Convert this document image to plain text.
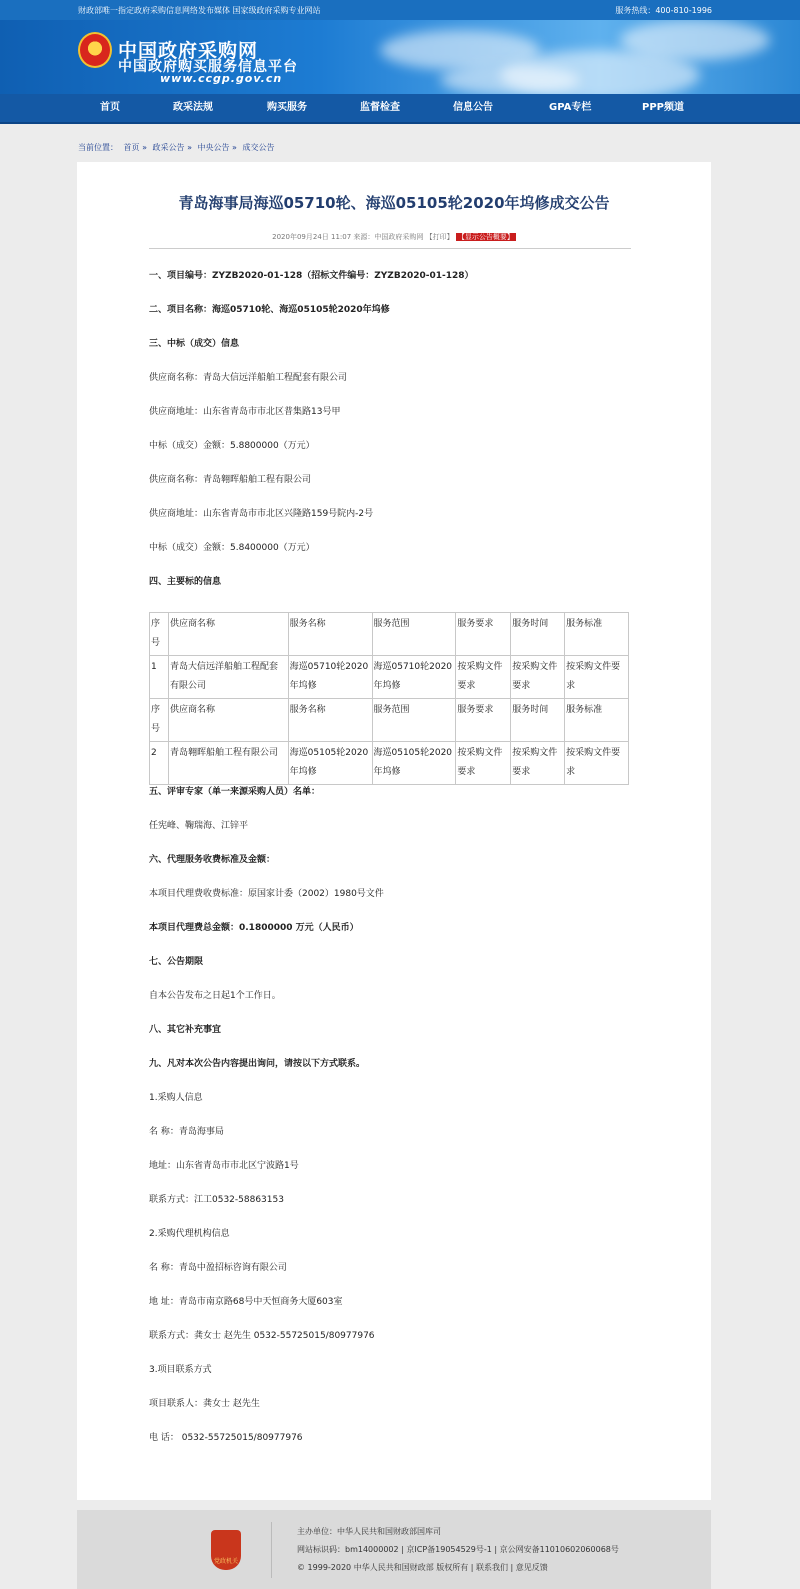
财政部唯一指定政府采购信息网络发布媒体 国家级政府采购专业网站	服务热线：400-810-1996
中国政府采购网
中国政府购买服务信息平台
www.ccgp.gov.cn
首页	政采法规	购买服务	监督检查	信息公告	GPA专栏	PPP频道
当前位置： 首页 » 政采公告 » 中央公告 » 成交公告
青岛海事局海巡05710轮、海巡05105轮2020年坞修成交公告
2020年09月24日 11:07 来源：中国政府采购网 【打印】 【显示公告概要】
一、项目编号：ZYZB2020-01-128（招标文件编号：ZYZB2020-01-128）
二、项目名称：海巡05710轮、海巡05105轮2020年坞修
三、中标（成交）信息
供应商名称：青岛大信远洋船舶工程配套有限公司
供应商地址：山东省青岛市市北区普集路13号甲
中标（成交）金额：5.8800000（万元）
供应商名称：青岛翱晖船舶工程有限公司
供应商地址：山东省青岛市市北区兴隆路159号院内-2号
中标（成交）金额：5.8400000（万元）
四、主要标的信息
序号	供应商名称	服务名称	服务范围	服务要求	服务时间	服务标准
1	青岛大信远洋船舶工程配套有限公司	海巡05710轮2020年坞修	海巡05710轮2020年坞修	按采购文件要求	按采购文件要求	按采购文件要求
序号	供应商名称	服务名称	服务范围	服务要求	服务时间	服务标准
2	青岛翱晖船舶工程有限公司	海巡05105轮2020年坞修	海巡05105轮2020年坞修	按采购文件要求	按采购文件要求	按采购文件要求
五、评审专家（单一来源采购人员）名单：
任宪峰、鞠瑞海、江锌平
六、代理服务收费标准及金额：
本项目代理费收费标准：原国家计委（2002）1980号文件
本项目代理费总金额：0.1800000 万元（人民币）
七、公告期限
自本公告发布之日起1个工作日。
八、其它补充事宜
九、凡对本次公告内容提出询问，请按以下方式联系。
1.采购人信息
名 称：青岛海事局
地址：山东省青岛市市北区宁波路1号
联系方式：江工0532-58863153
2.采购代理机构信息
名 称：青岛中盈招标咨询有限公司
地 址：青岛市南京路68号中天恒商务大厦603室
联系方式：龚女士 赵先生 0532-55725015/80977976
3.项目联系方式
项目联系人：龚女士 赵先生
电 话： 0532-55725015/80977976
党政机关
主办单位：中华人民共和国财政部国库司
网站标识码：bm14000002 | 京ICP备19054529号-1 | 京公网安备11010602060068号
© 1999-2020 中华人民共和国财政部 版权所有 | 联系我们 | 意见反馈
